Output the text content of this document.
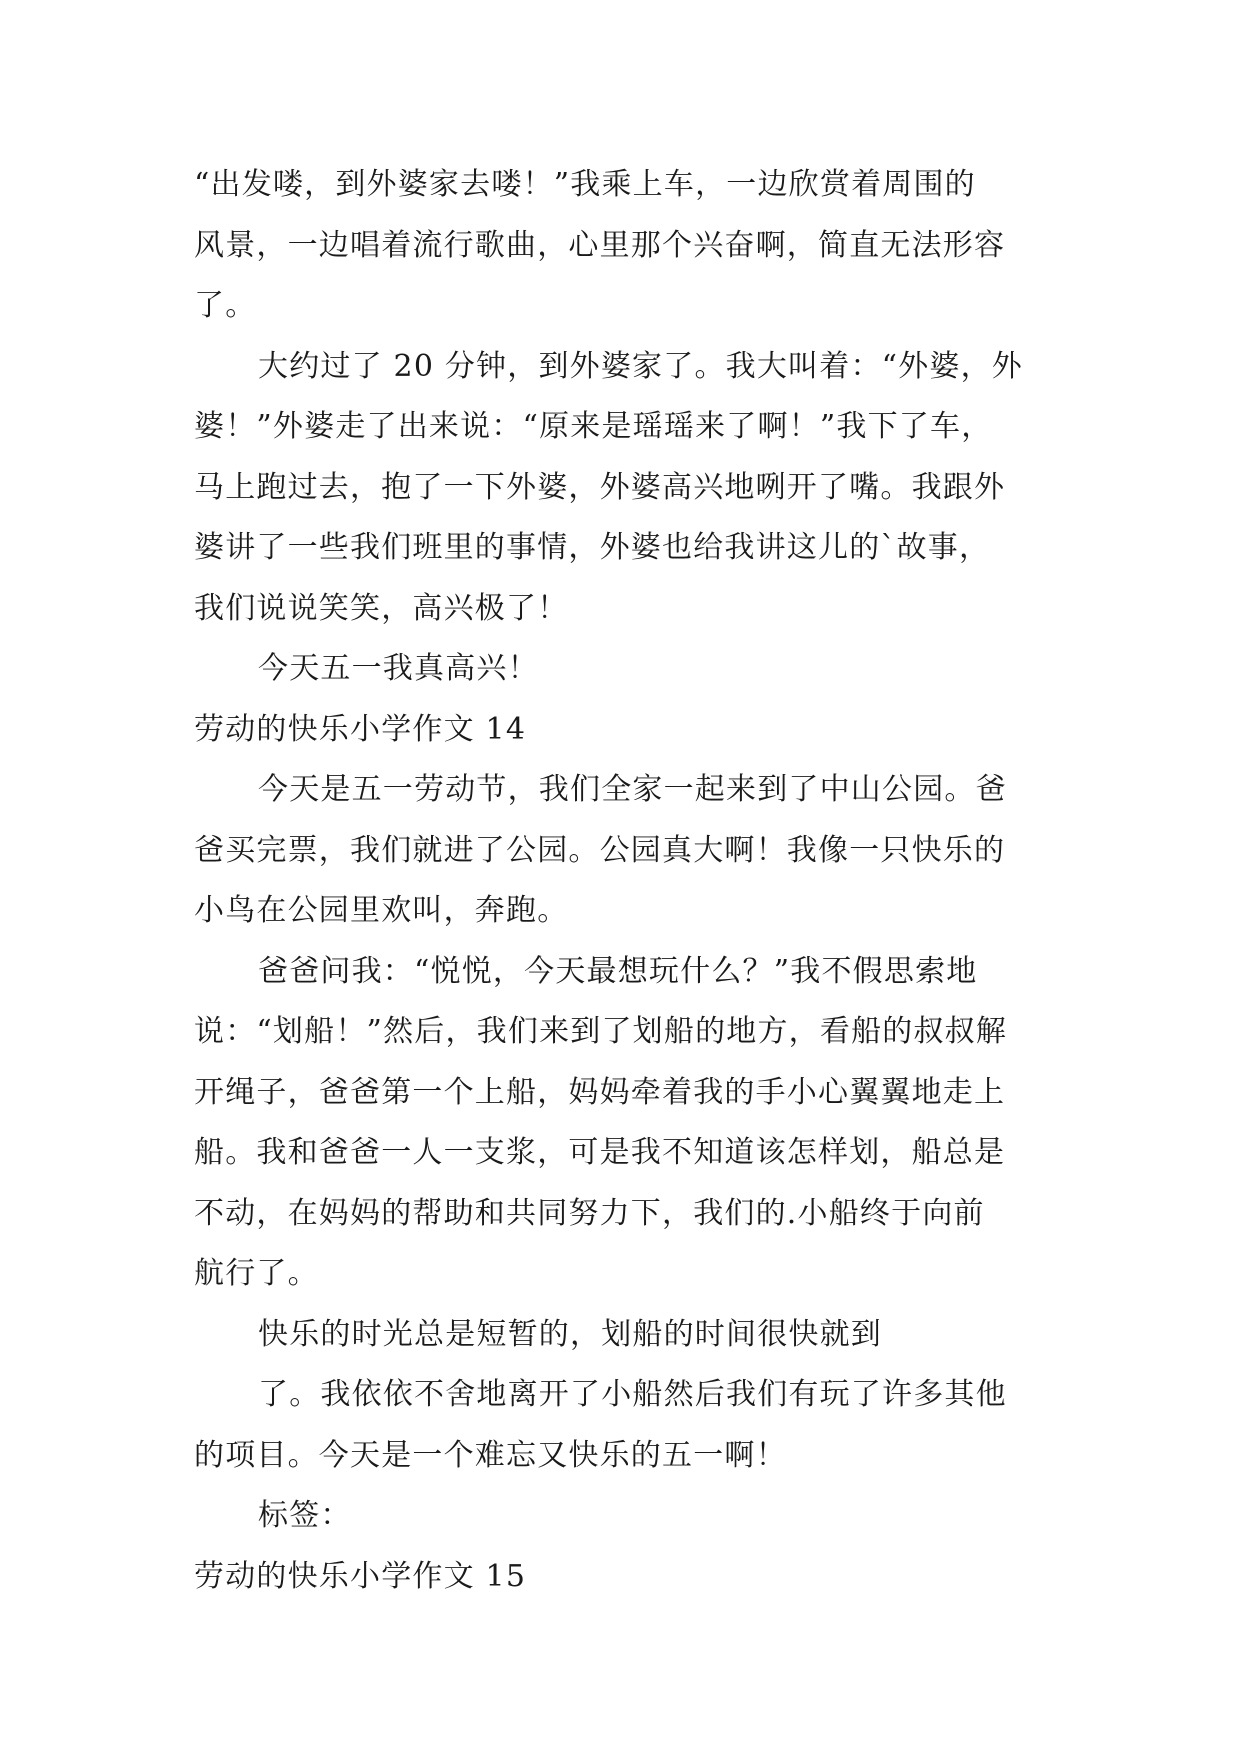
“出发喽，到外婆家去喽！”我乘上车，一边欣赏着周围的
风景，一边唱着流行歌曲，心里那个兴奋啊，简直无法形容
了。
大约过了 20 分钟，到外婆家了。我大叫着：“外婆，外
婆！”外婆走了出来说：“原来是瑶瑶来了啊！”我下了车，
马上跑过去，抱了一下外婆，外婆高兴地咧开了嘴。我跟外
婆讲了一些我们班里的事情，外婆也给我讲这儿的`故事，
我们说说笑笑，高兴极了！
今天五一我真高兴！
劳动的快乐小学作文 14
今天是五一劳动节，我们全家一起来到了中山公园。爸
爸买完票，我们就进了公园。公园真大啊！我像一只快乐的
小鸟在公园里欢叫，奔跑。
爸爸问我：“悦悦，今天最想玩什么？”我不假思索地
说：“划船！”然后，我们来到了划船的地方，看船的叔叔解
开绳子，爸爸第一个上船，妈妈牵着我的手小心翼翼地走上
船。我和爸爸一人一支浆，可是我不知道该怎样划，船总是
不动，在妈妈的帮助和共同努力下，我们的.小船终于向前
航行了。
快乐的时光总是短暂的，划船的时间很快就到
了。我依依不舍地离开了小船然后我们有玩了许多其他
的项目。今天是一个难忘又快乐的五一啊！
标签：
劳动的快乐小学作文 15
